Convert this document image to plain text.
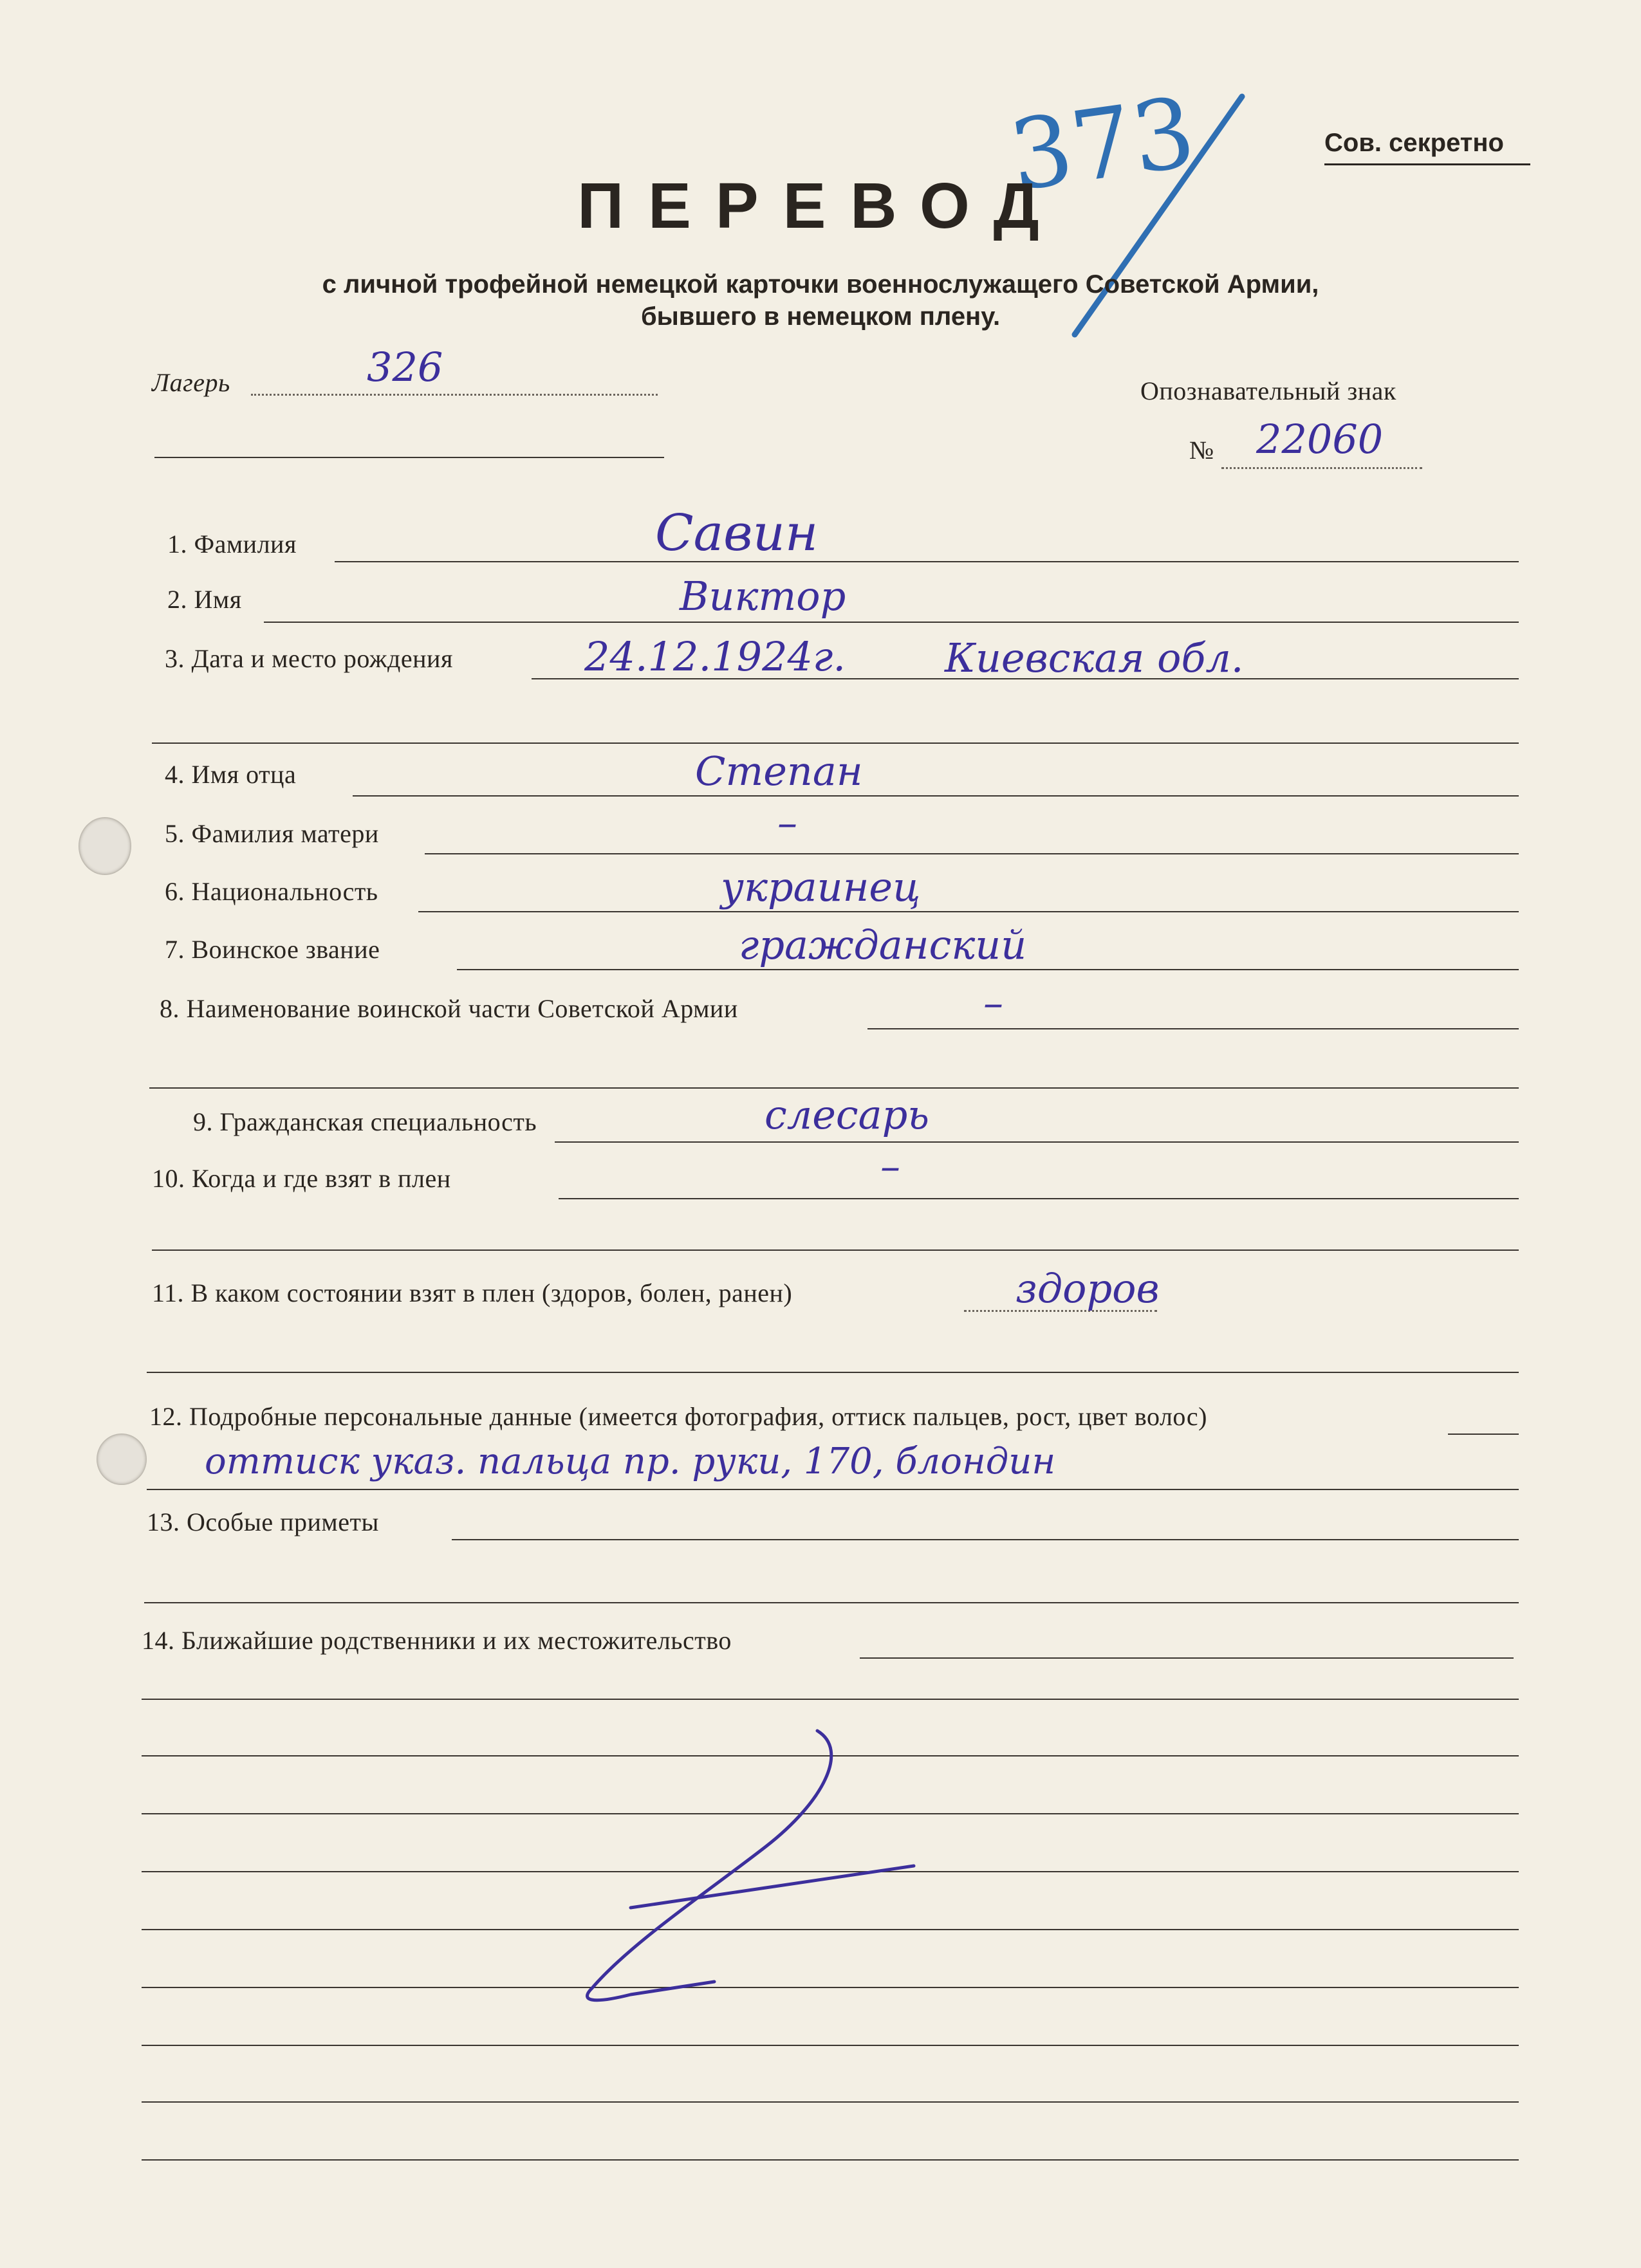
Сов. секретно
373
ПЕРЕВОД
с личной трофейной немецкой карточки военнослужащего Советской Армии,
бывшего в немецком плену.
Лагерь	326
Опознавательный знак
№ 22060
1. Фамилия	Савин
2. Имя	Виктор
3. Дата и место рождения	24.12.1924г. Киевская обл.
4. Имя отца	Степан
5. Фамилия матери	–
6. Национальность	украинец
7. Воинское звание	гражданский
8. Наименование воинской части Советской Армии	–
9. Гражданская специальность	слесарь
10. Когда и где взят в плен	–
11. В каком состоянии взят в плен (здоров, болен, ранен)	здоров
12. Подробные персональные данные (имеется фотография, оттиск пальцев, рост, цвет волос)
оттиск указ. пальца пр. руки, 170, блондин
13. Особые приметы
14. Ближайшие родственники и их местожительство
